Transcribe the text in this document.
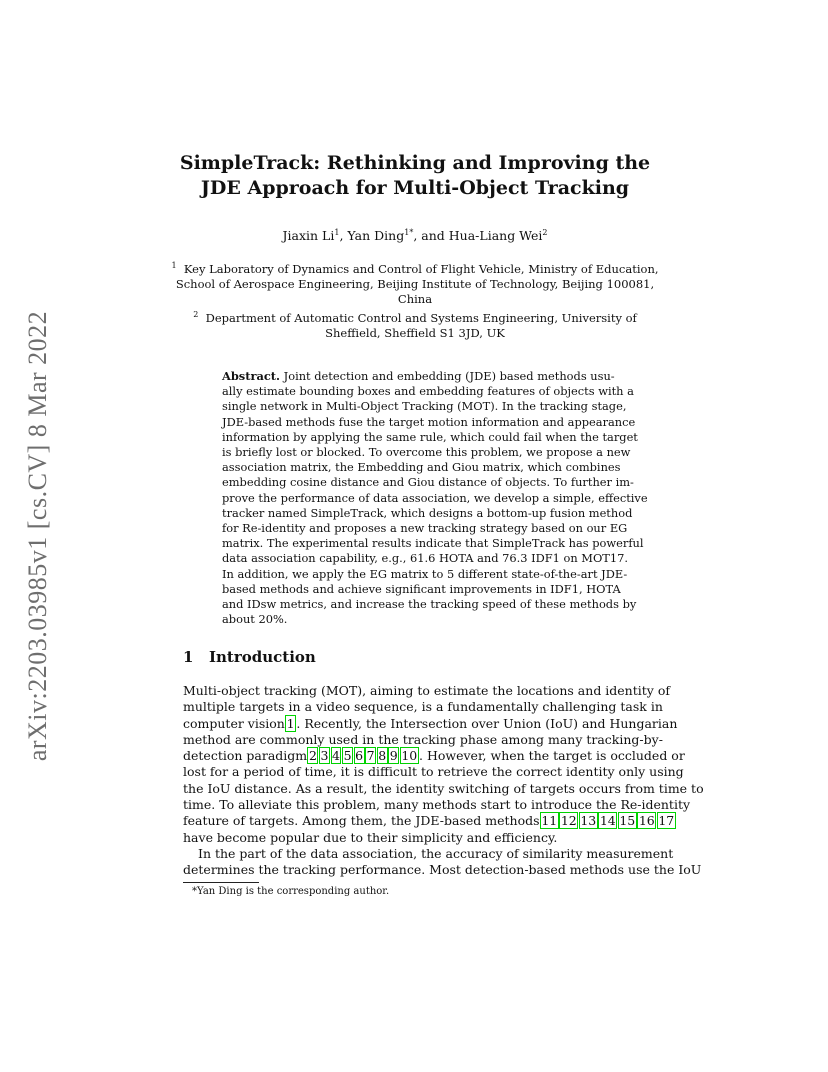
arXiv:2203.03985v1 [cs.CV] 8 Mar 2022
SimpleTrack: Rethinking and Improving the
JDE Approach for Multi-Object Tracking
Jiaxin Li$^1$, Yan Ding$^{1*}$, and Hua-Liang Wei$^2$
$^1$ Key Laboratory of Dynamics and Control of Flight Vehicle, Ministry of Education,
School of Aerospace Engineering, Beijing Institute of Technology, Beijing 100081,
China
$^2$ Department of Automatic Control and Systems Engineering, University of
Sheffield, Sheffield S1 3JD, UK
Abstract. Joint detection and embedding (JDE) based methods usu-
ally estimate bounding boxes and embedding features of objects with a
single network in Multi-Object Tracking (MOT). In the tracking stage,
JDE-based methods fuse the target motion information and appearance
information by applying the same rule, which could fail when the target
is briefly lost or blocked. To overcome this problem, we propose a new
association matrix, the Embedding and Giou matrix, which combines
embedding cosine distance and Giou distance of objects. To further im-
prove the performance of data association, we develop a simple, effective
tracker named SimpleTrack, which designs a bottom-up fusion method
for Re-identity and proposes a new tracking strategy based on our EG
matrix. The experimental results indicate that SimpleTrack has powerful
data association capability, e.g., 61.6 HOTA and 76.3 IDF1 on MOT17.
In addition, we apply the EG matrix to 5 different state-of-the-art JDE-
based methods and achieve significant improvements in IDF1, HOTA
and IDsw metrics, and increase the tracking speed of these methods by
about 20%.
1 Introduction
Multi-object tracking (MOT), aiming to estimate the locations and identity of
multiple targets in a video sequence, is a fundamentally challenging task in
computer vision 1 . Recently, the Intersection over Union (IoU) and Hungarian
method are commonly used in the tracking phase among many tracking-by-
detection paradigm 2 3 4 5 6 7 8 9 10 . However, when the target is occluded or
lost for a period of time, it is difficult to retrieve the correct identity only using
the IoU distance. As a result, the identity switching of targets occurs from time to
time. To alleviate this problem, many methods start to introduce the Re-identity
feature of targets. Among them, the JDE-based methods 11 12 13 14 15 16 17
have become popular due to their simplicity and efficiency.
In the part of the data association, the accuracy of similarity measurement
determines the tracking performance. Most detection-based methods use the IoU
*Yan Ding is the corresponding author.
